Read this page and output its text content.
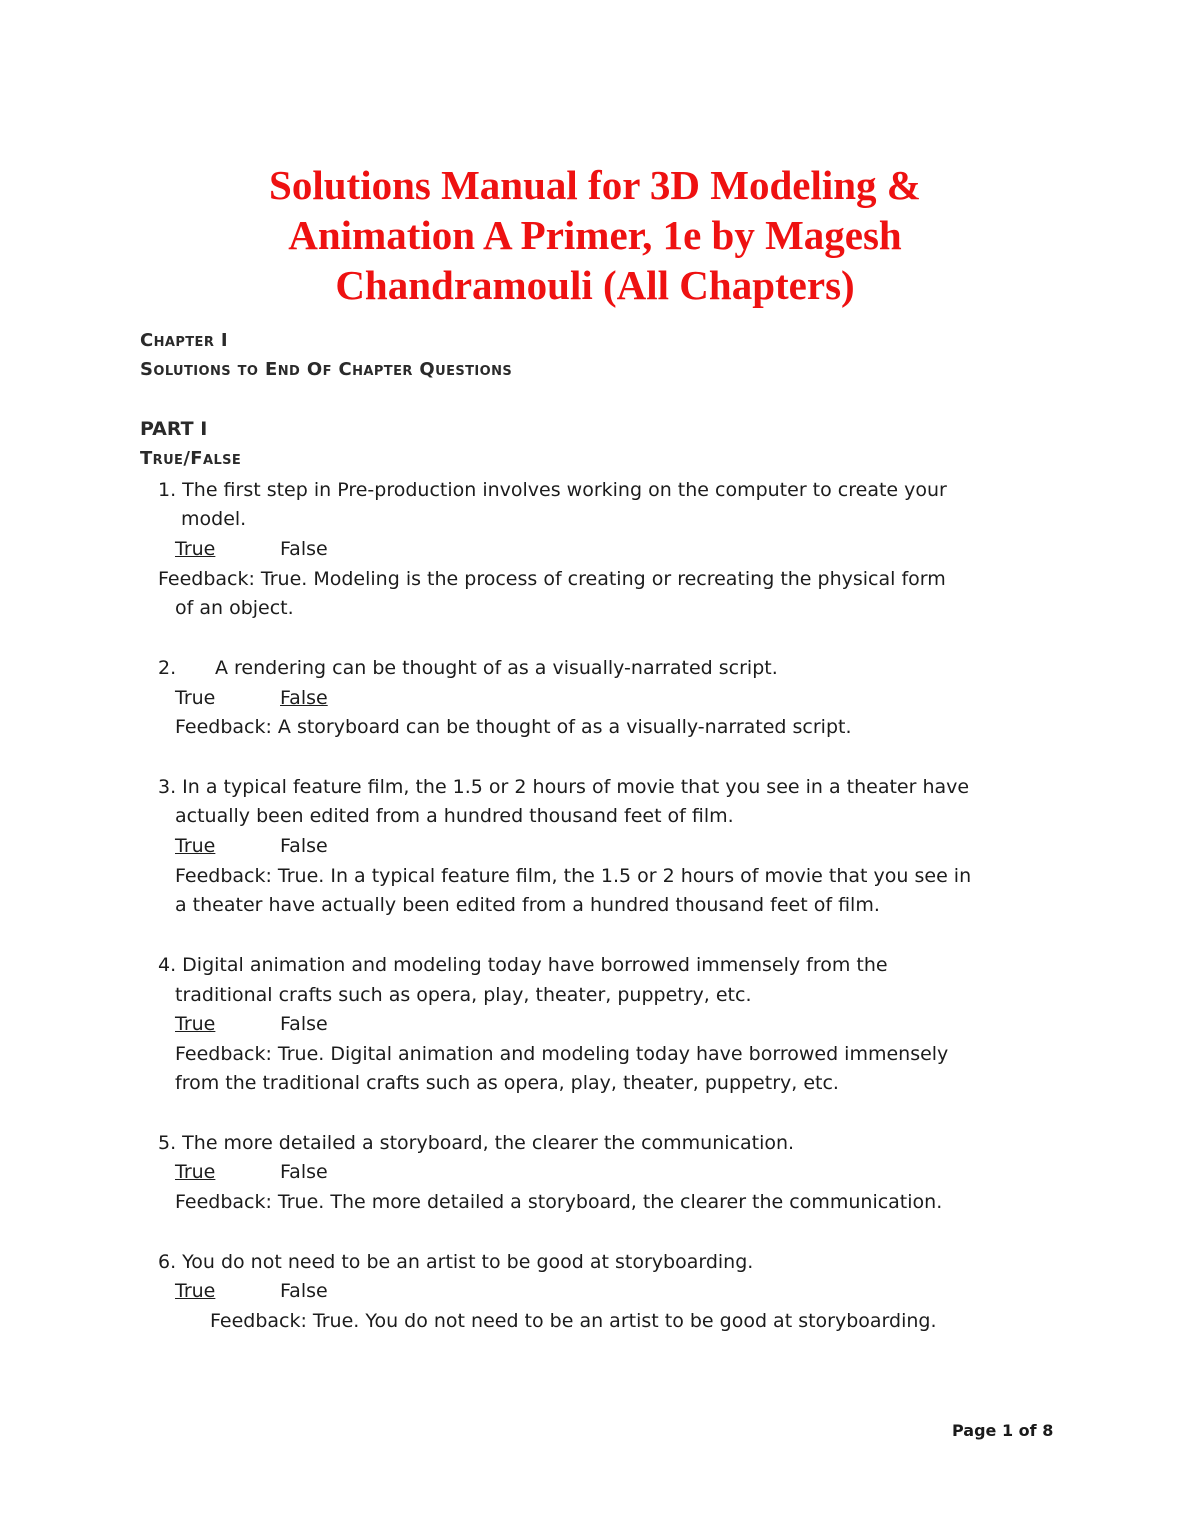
Solutions Manual for 3D Modeling &
Animation A Primer, 1e by Magesh
Chandramouli (All Chapters)
Chapter I
Solutions to End Of Chapter Questions
PART I
True/False
1. The first step in Pre-production involves working on the computer to create your
model.
True	False
Feedback: True. Modeling is the process of creating or recreating the physical form
of an object.
2. A rendering can be thought of as a visually-narrated script.
True	False
Feedback: A storyboard can be thought of as a visually-narrated script.
3. In a typical feature film, the 1.5 or 2 hours of movie that you see in a theater have
actually been edited from a hundred thousand feet of film.
True	False
Feedback: True. In a typical feature film, the 1.5 or 2 hours of movie that you see in
a theater have actually been edited from a hundred thousand feet of film.
4. Digital animation and modeling today have borrowed immensely from the
traditional crafts such as opera, play, theater, puppetry, etc.
True	False
Feedback: True. Digital animation and modeling today have borrowed immensely
from the traditional crafts such as opera, play, theater, puppetry, etc.
5. The more detailed a storyboard, the clearer the communication.
True	False
Feedback: True. The more detailed a storyboard, the clearer the communication.
6. You do not need to be an artist to be good at storyboarding.
True	False
Feedback: True. You do not need to be an artist to be good at storyboarding.
Page 1 of 8
